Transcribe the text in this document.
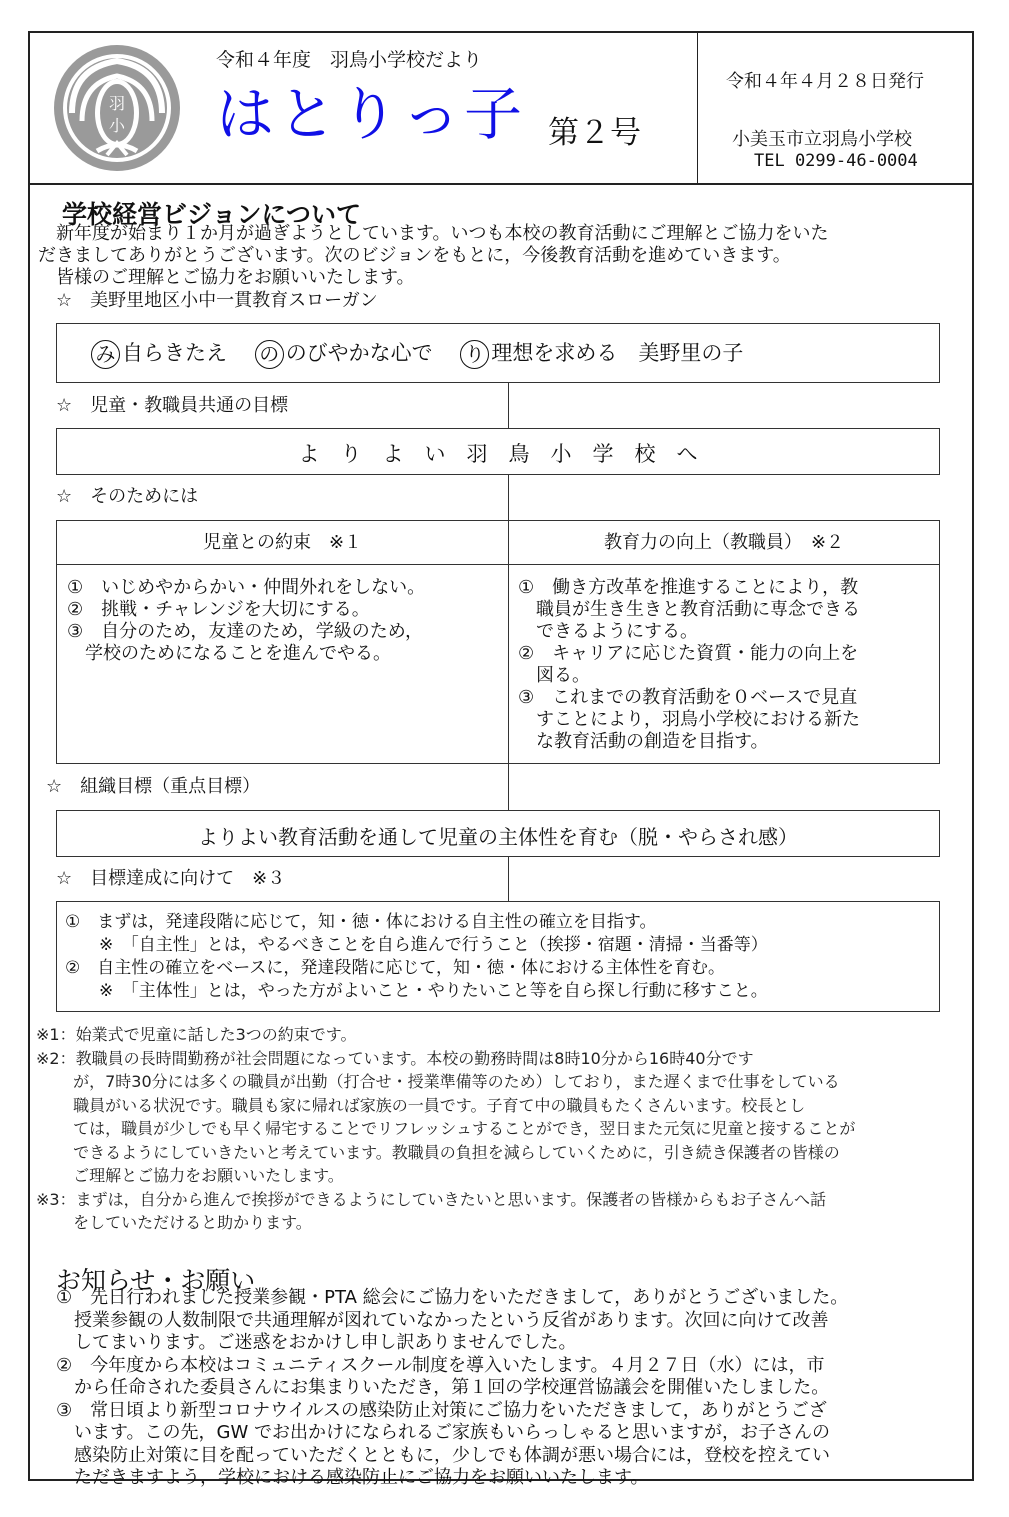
羽
小
令和４年度　羽鳥小学校だより
はとりっ子 第２号
令和４年４月２８日発行
小美玉市立羽鳥小学校
TEL 0299-46-0004
学校経営ビジョンについて
　新年度が始まり１か月が過ぎようとしています。いつも本校の教育活動にご理解とご協力をいた
だきましてありがとうございます。次のビジョンをもとに，今後教育活動を進めていきます。
　皆様のご理解とご協力をお願いいたします。
☆　美野里地区小中一貫教育スローガン
み 自らきたえ　 の のびやかな心で　 り 理想を求める　美野里の子
☆　児童・教職員共通の目標
よ　り　よ　い　羽　鳥　小　学　校　へ
☆　そのためには
児童との約束　※１	教育力の向上（教職員）　※２
①　いじめやからかい・仲間外れをしない。
②　挑戦・チャレンジを大切にする。
③　自分のため，友達のため，学級のため，
　学校のためになることを進んでやる。
①　働き方改革を推進することにより，教
　職員が生き生きと教育活動に専念できる
　できるようにする。
②　キャリアに応じた資質・能力の向上を
　図る。
③　これまでの教育活動を０ベースで見直
　すことにより，羽鳥小学校における新た
　な教育活動の創造を目指す。
☆　組織目標（重点目標）
よりよい教育活動を通して児童の主体性を育む（脱・やらされ感）
☆　目標達成に向けて　※３
①　まずは，発達段階に応じて，知・徳・体における自主性の確立を目指す。
　　※　「自主性」とは，やるべきことを自ら進んで行うこと（挨拶・宿題・清掃・当番等）
②　自主性の確立をベースに，発達段階に応じて，知・徳・体における主体性を育む。
　　※　「主体性」とは，やった方がよいこと・やりたいこと等を自ら探し行動に移すこと。
※1：始業式で児童に話した3つの約束です。
※2：教職員の長時間勤務が社会問題になっています。本校の勤務時間は8時10分から16時40分です
　　 が，7時30分には多くの職員が出勤（打合せ・授業準備等のため）しており，また遅くまで仕事をしている
　　 職員がいる状況です。職員も家に帰れば家族の一員です。子育て中の職員もたくさんいます。校長とし
　　 ては，職員が少しでも早く帰宅することでリフレッシュすることができ，翌日また元気に児童と接することが
　　 できるようにしていきたいと考えています。教職員の負担を減らしていくために，引き続き保護者の皆様の
　　 ご理解とご協力をお願いいたします。
※3：まずは，自分から進んで挨拶ができるようにしていきたいと思います。保護者の皆様からもお子さんへ話
　　 をしていただけると助かります。
お知らせ・お願い
①　先日行われました授業参観・PTA 総会にご協力をいただきまして，ありがとうございました。
　授業参観の人数制限で共通理解が図れていなかったという反省があります。次回に向けて改善
　してまいります。ご迷惑をおかけし申し訳ありませんでした。
②　今年度から本校はコミュニティスクール制度を導入いたします。４月２７日（水）には，市
　から任命された委員さんにお集まりいただき，第１回の学校運営協議会を開催いたしました。
③　常日頃より新型コロナウイルスの感染防止対策にご協力をいただきまして，ありがとうござ
　います。この先，GW でお出かけになられるご家族もいらっしゃると思いますが，お子さんの
　感染防止対策に目を配っていただくとともに，少しでも体調が悪い場合には，登校を控えてい
　ただきますよう，学校における感染防止にご協力をお願いいたします。
